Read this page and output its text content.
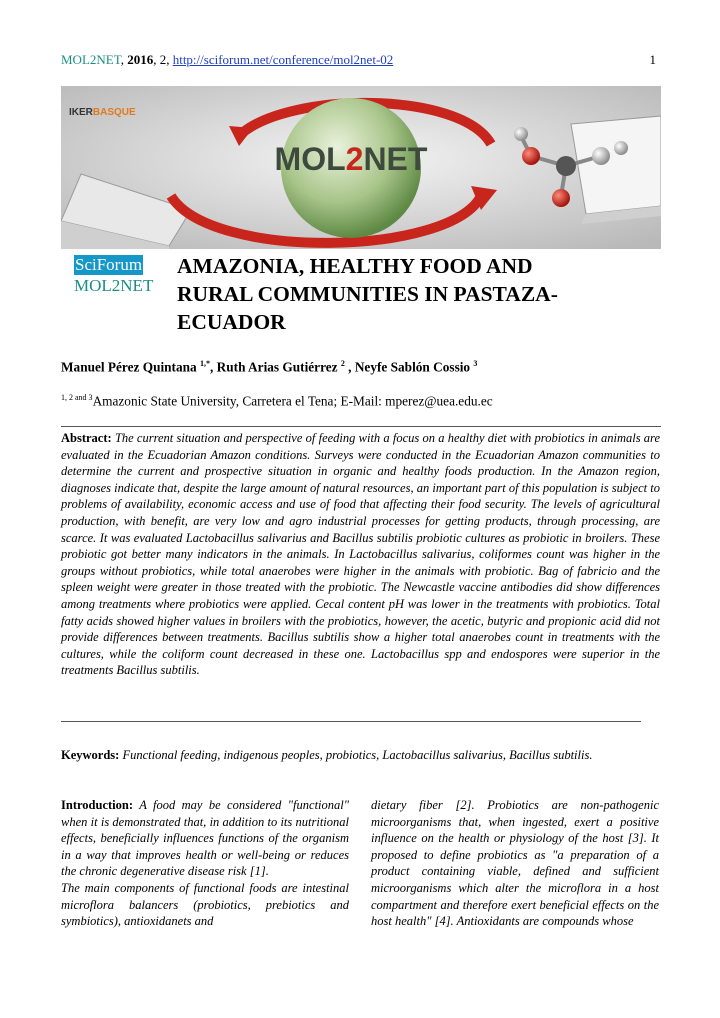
MOL2NET, 2016, 2, http://sciforum.net/conference/mol2net-02	1
IKERBASQUE
MOL2NET
SciForum
MOL2NET
AMAZONIA, HEALTHY FOOD AND
RURAL COMMUNITIES IN PASTAZA-
ECUADOR
Manuel Pérez Quintana $^{1,*}$, Ruth Arias Gutiérrez $^2$ , Neyfe Sablón Cossio $^3$
$^{1, 2 and 3}$Amazonic State University, Carretera el Tena; E-Mail: mperez@uea.edu.ec
Abstract: The current situation and perspective of feeding with a focus on a healthy diet with probiotics in animals are evaluated in the Ecuadorian Amazon conditions. Surveys were conducted in the Ecuadorian Amazon communities to determine the current and prospective situation in organic and healthy foods production. In the Amazon region, diagnoses indicate that, despite the large amount of natural resources, an important part of this population is subject to problems of availability, economic access and use of food that affecting their food security. The levels of agricultural production, with benefit, are very low and agro industrial processes for getting products, through processing, are scarce. It was evaluated Lactobacillus salivarius and Bacillus subtilis probiotic cultures as probiotic in broilers. These probiotic got better many indicators in the animals. In Lactobacillus salivarius, coliformes count was higher in the groups without probiotics, while total anaerobes were higher in the animals with probiotic. Bag of fabricio and the spleen weight were greater in those treated with the probiotic. The Newcastle vaccine antibodies did show differences among treatments where probiotics were applied. Cecal content pH was lower in the treatments with probiotics. Total fatty acids showed higher values in broilers with the probiotics, however, the acetic, butyric and propionic acid did not provide differences between treatments. Bacillus subtilis show a higher total anaerobes count in treatments with the cultures, while the coliform count decreased in these one. Lactobacillus spp and endospores were superior in the treatments Bacillus subtilis.
Keywords: Functional feeding, indigenous peoples, probiotics, Lactobacillus salivarius, Bacillus subtilis.

Introduction: A food may be considered "functional" when it is demonstrated that, in addition to its nutritional effects, beneficially influences functions of the organism in a way that improves health or well-being or reduces the chronic degenerative disease risk [1].

The main components of functional foods are intestinal microflora balancers (probiotics, prebiotics and symbiotics), antioxidanets and

dietary fiber [2]. Probiotics are non-pathogenic microorganisms that, when ingested, exert a positive influence on the health or physiology of the host [3]. It proposed to define probiotics as "a preparation of a product containing viable, defined and sufficient microorganisms which alter the microflora in a host compartment and therefore exert beneficial effects on the host health" [4]. Antioxidants are compounds whose
